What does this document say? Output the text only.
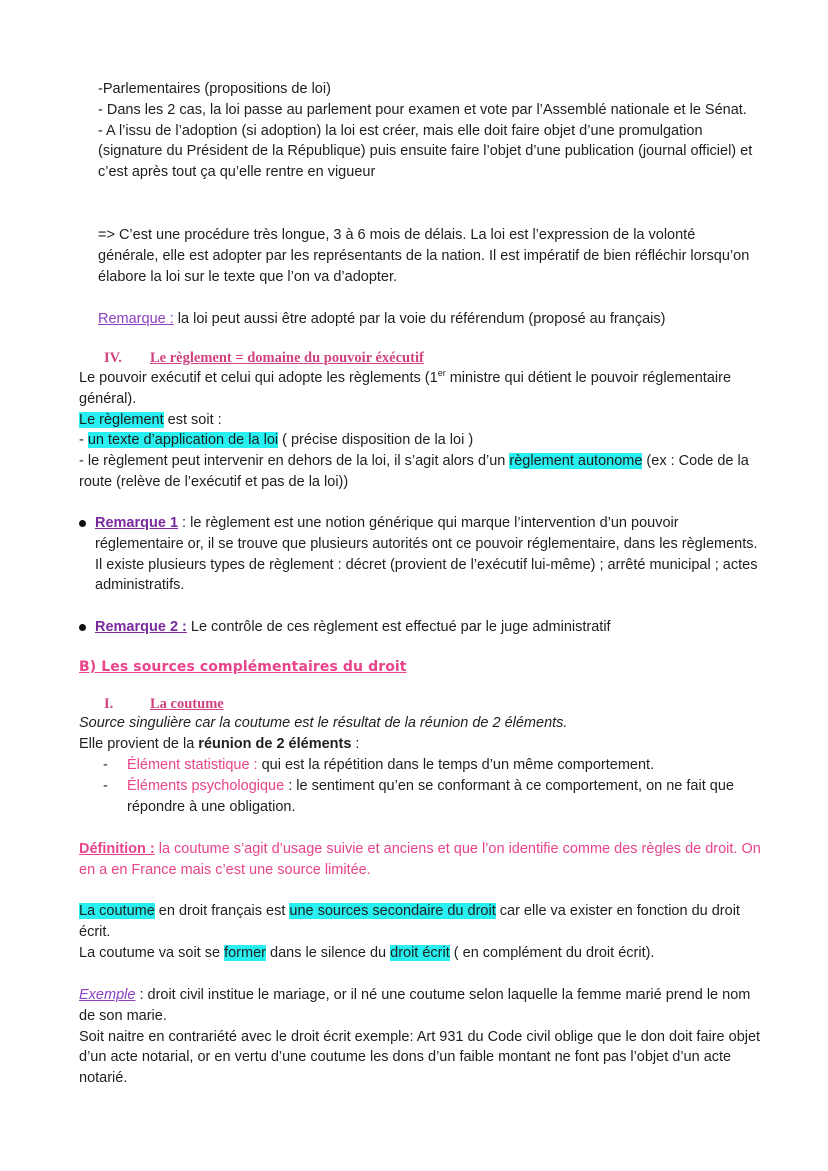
-Parlementaires (propositions de loi)
- Dans les 2 cas, la loi passe au parlement pour examen et vote par l’Assemblé nationale et le Sénat.
- A l’issu de l’adoption (si adoption) la loi est créer, mais elle doit faire objet d’une promulgation (signature du Président de la République) puis ensuite faire l’objet d’une publication (journal officiel) et c’est après tout ça qu’elle rentre en vigueur
=> C’est une procédure très longue, 3 à 6 mois de délais. La loi est l’expression de la volonté générale, elle est adopter par les représentants de la nation. Il est impératif de bien réfléchir lorsqu’on élabore la loi sur le texte que l’on va d’adopter.
Remarque : la loi peut aussi être adopté par la voie du référendum (proposé au français)
IV. Le règlement = domaine du pouvoir éxécutif
Le pouvoir exécutif et celui qui adopte les règlements (1er ministre qui détient le pouvoir réglementaire général).
Le règlement est soit :
- un texte d’application de la loi ( précise disposition de la loi )
- le règlement peut intervenir en dehors de la loi, il s’agit alors d’un règlement autonome (ex : Code de la route (relève de l’exécutif et pas de la loi))
Remarque 1 : le règlement est une notion générique qui marque l’intervention d’un pouvoir réglementaire or, il se trouve que plusieurs autorités ont ce pouvoir réglementaire, dans les règlements. Il existe plusieurs types de règlement : décret (provient de l’exécutif lui-même) ; arrêté municipal ; actes administratifs.
Remarque 2 : Le contrôle de ces règlement est effectué par le juge administratif
B) Les sources complémentaires du droit
I.	La coutume
Source singulière car la coutume est le résultat de la réunion de 2 éléments.
Elle provient de la réunion de 2 éléments :
- Élément statistique : qui est la répétition dans le temps d’un même comportement.
- Éléments psychologique : le sentiment qu’en se conformant à ce comportement, on ne fait que répondre à une obligation.
Définition : la coutume s’agit d’usage suivie et anciens et que l’on identifie comme des règles de droit. On en a en France mais c’est une source limitée.
La coutume en droit français est une sources secondaire du droit car elle va exister en fonction du droit écrit.
La coutume va soit se former dans le silence du droit écrit ( en complément du droit écrit).
Exemple : droit civil institue le mariage, or il né une coutume selon laquelle la femme marié prend le nom de son marie.
Soit naitre en contrariété avec le droit écrit exemple: Art 931 du Code civil oblige que le don doit faire objet d’un acte notarial, or en vertu d’une coutume les dons d’un faible montant ne font pas l’objet d’un acte notarié.
